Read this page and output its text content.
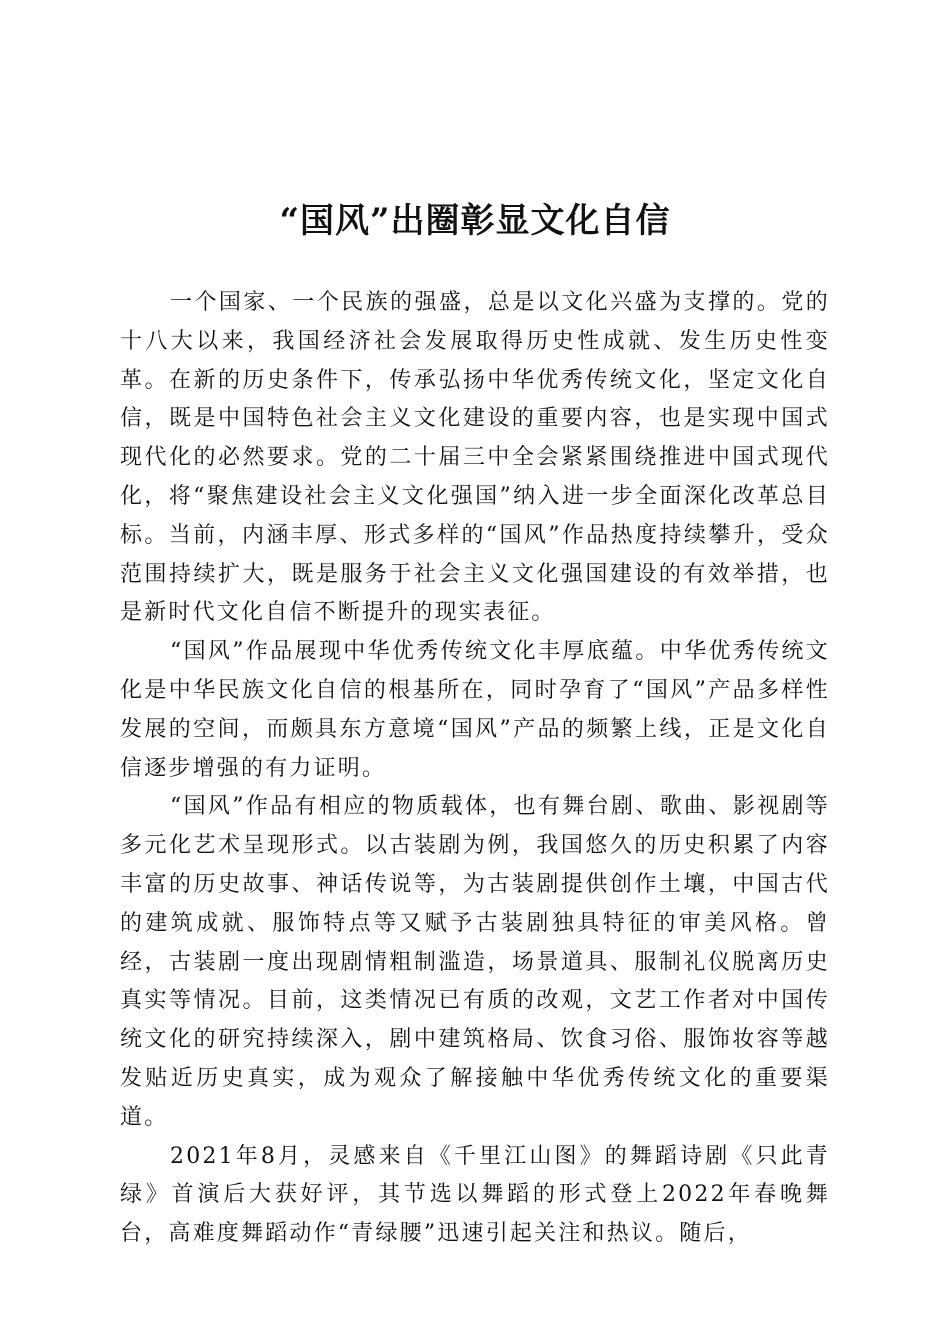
“国风”出圈彰显文化自信

一个国家、一个民族的强盛，总是以文化兴盛为支撑的。党的十八大以来，我国经济社会发展取得历史性成就、发生历史性变革。在新的历史条件下，传承弘扬中华优秀传统文化，坚定文化自信，既是中国特色社会主义文化建设的重要内容，也是实现中国式现代化的必然要求。党的二十届三中全会紧紧围绕推进中国式现代化，将“聚焦建设社会主义文化强国”纳入进一步全面深化改革总目标。当前，内涵丰厚、形式多样的“国风”作品热度持续攀升，受众范围持续扩大，既是服务于社会主义文化强国建设的有效举措，也是新时代文化自信不断提升的现实表征。

“国风”作品展现中华优秀传统文化丰厚底蕴。中华优秀传统文化是中华民族文化自信的根基所在，同时孕育了“国风”产品多样性发展的空间，而颇具东方意境“国风”产品的频繁上线，正是文化自信逐步增强的有力证明。

“国风”作品有相应的物质载体，也有舞台剧、歌曲、影视剧等多元化艺术呈现形式。以古装剧为例，我国悠久的历史积累了内容丰富的历史故事、神话传说等，为古装剧提供创作土壤，中国古代的建筑成就、服饰特点等又赋予古装剧独具特征的审美风格。曾经，古装剧一度出现剧情粗制滥造，场景道具、服制礼仪脱离历史真实等情况。目前，这类情况已有质的改观，文艺工作者对中国传统文化的研究持续深入，剧中建筑格局、饮食习俗、服饰妆容等越发贴近历史真实，成为观众了解接触中华优秀传统文化的重要渠道。

2021年8月，灵感来自《千里江山图》的舞蹈诗剧《只此青绿》首演后大获好评，其节选以舞蹈的形式登上2022年春晚舞台，高难度舞蹈动作“青绿腰”迅速引起关注和热议。随后，
